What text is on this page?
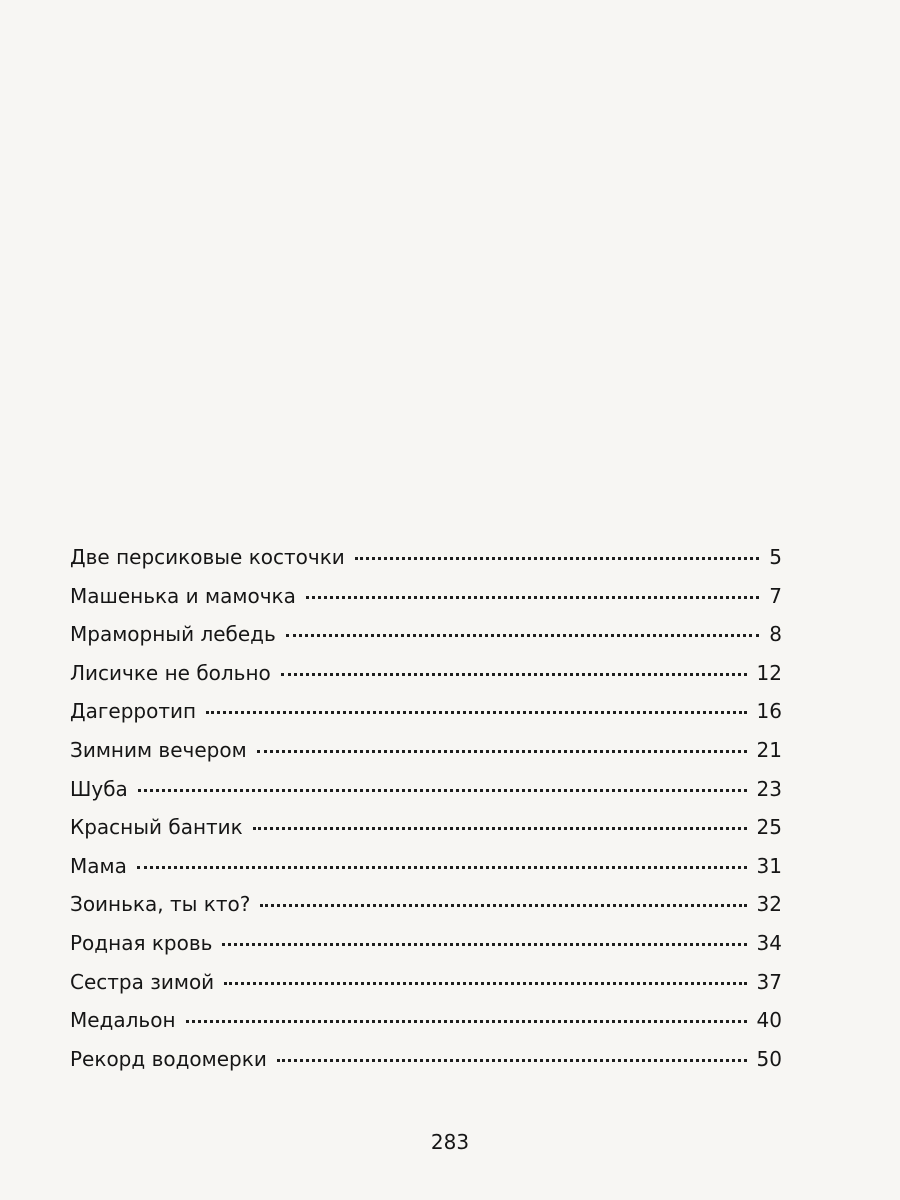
Две персиковые косточки	5
Машенька и мамочка	7
Мраморный лебедь	8
Лисичке не больно	12
Дагерротип	16
Зимним вечером	21
Шуба	23
Красный бантик	25
Мама	31
Зоинька, ты кто?	32
Родная кровь	34
Сестра зимой	37
Медальон	40
Рекорд водомерки	50
283
